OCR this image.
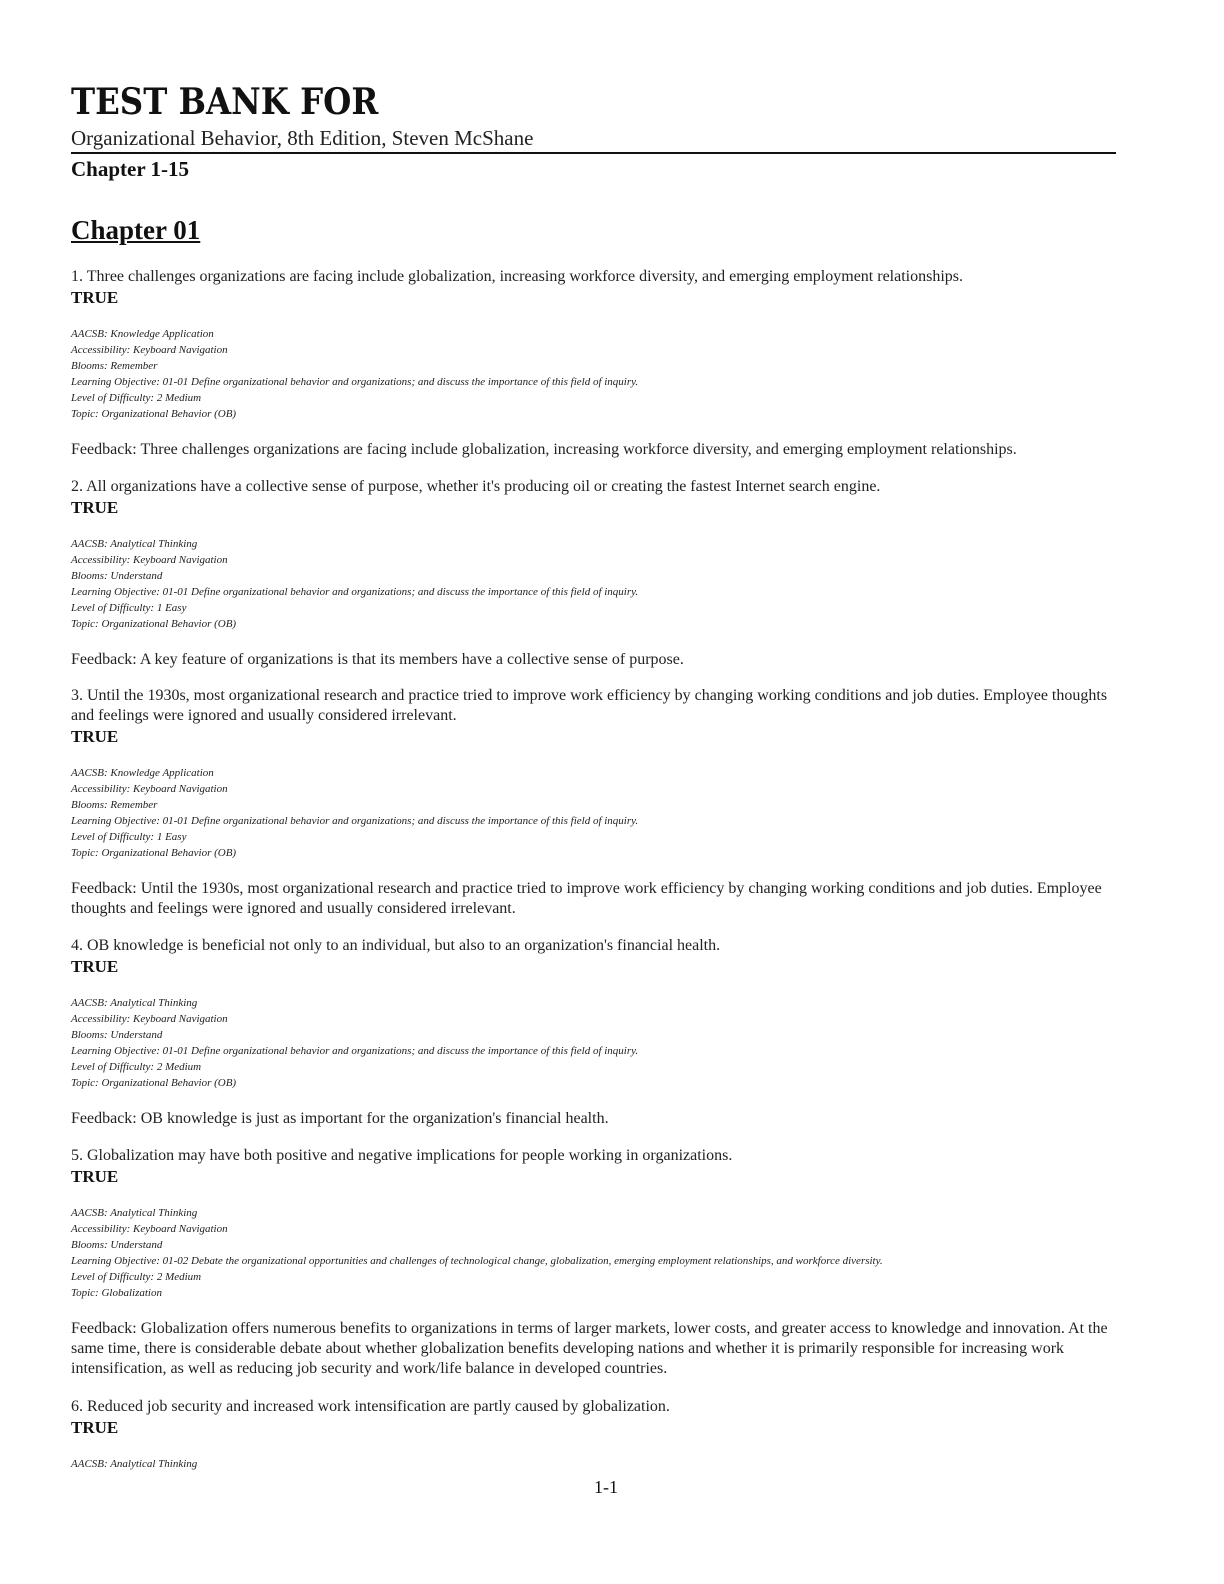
TEST BANK FOR
Organizational Behavior, 8th Edition, Steven McShane
Chapter 1-15
Chapter 01
1. Three challenges organizations are facing include globalization, increasing workforce diversity, and emerging employment relationships.
TRUE
AACSB: Knowledge Application
Accessibility: Keyboard Navigation
Blooms: Remember
Learning Objective: 01-01 Define organizational behavior and organizations; and discuss the importance of this field of inquiry.
Level of Difficulty: 2 Medium
Topic: Organizational Behavior (OB)
Feedback: Three challenges organizations are facing include globalization, increasing workforce diversity, and emerging employment relationships.
2. All organizations have a collective sense of purpose, whether it's producing oil or creating the fastest Internet search engine.
TRUE
AACSB: Analytical Thinking
Accessibility: Keyboard Navigation
Blooms: Understand
Learning Objective: 01-01 Define organizational behavior and organizations; and discuss the importance of this field of inquiry.
Level of Difficulty: 1 Easy
Topic: Organizational Behavior (OB)
Feedback: A key feature of organizations is that its members have a collective sense of purpose.
3. Until the 1930s, most organizational research and practice tried to improve work efficiency by changing working conditions and job duties. Employee thoughts and feelings were ignored and usually considered irrelevant.
TRUE
AACSB: Knowledge Application
Accessibility: Keyboard Navigation
Blooms: Remember
Learning Objective: 01-01 Define organizational behavior and organizations; and discuss the importance of this field of inquiry.
Level of Difficulty: 1 Easy
Topic: Organizational Behavior (OB)
Feedback: Until the 1930s, most organizational research and practice tried to improve work efficiency by changing working conditions and job duties. Employee thoughts and feelings were ignored and usually considered irrelevant.
4. OB knowledge is beneficial not only to an individual, but also to an organization's financial health.
TRUE
AACSB: Analytical Thinking
Accessibility: Keyboard Navigation
Blooms: Understand
Learning Objective: 01-01 Define organizational behavior and organizations; and discuss the importance of this field of inquiry.
Level of Difficulty: 2 Medium
Topic: Organizational Behavior (OB)
Feedback: OB knowledge is just as important for the organization's financial health.
5. Globalization may have both positive and negative implications for people working in organizations.
TRUE
AACSB: Analytical Thinking
Accessibility: Keyboard Navigation
Blooms: Understand
Learning Objective: 01-02 Debate the organizational opportunities and challenges of technological change, globalization, emerging employment relationships, and workforce diversity.
Level of Difficulty: 2 Medium
Topic: Globalization
Feedback: Globalization offers numerous benefits to organizations in terms of larger markets, lower costs, and greater access to knowledge and innovation. At the same time, there is considerable debate about whether globalization benefits developing nations and whether it is primarily responsible for increasing work intensification, as well as reducing job security and work/life balance in developed countries.
6. Reduced job security and increased work intensification are partly caused by globalization.
TRUE
AACSB: Analytical Thinking
1-1
